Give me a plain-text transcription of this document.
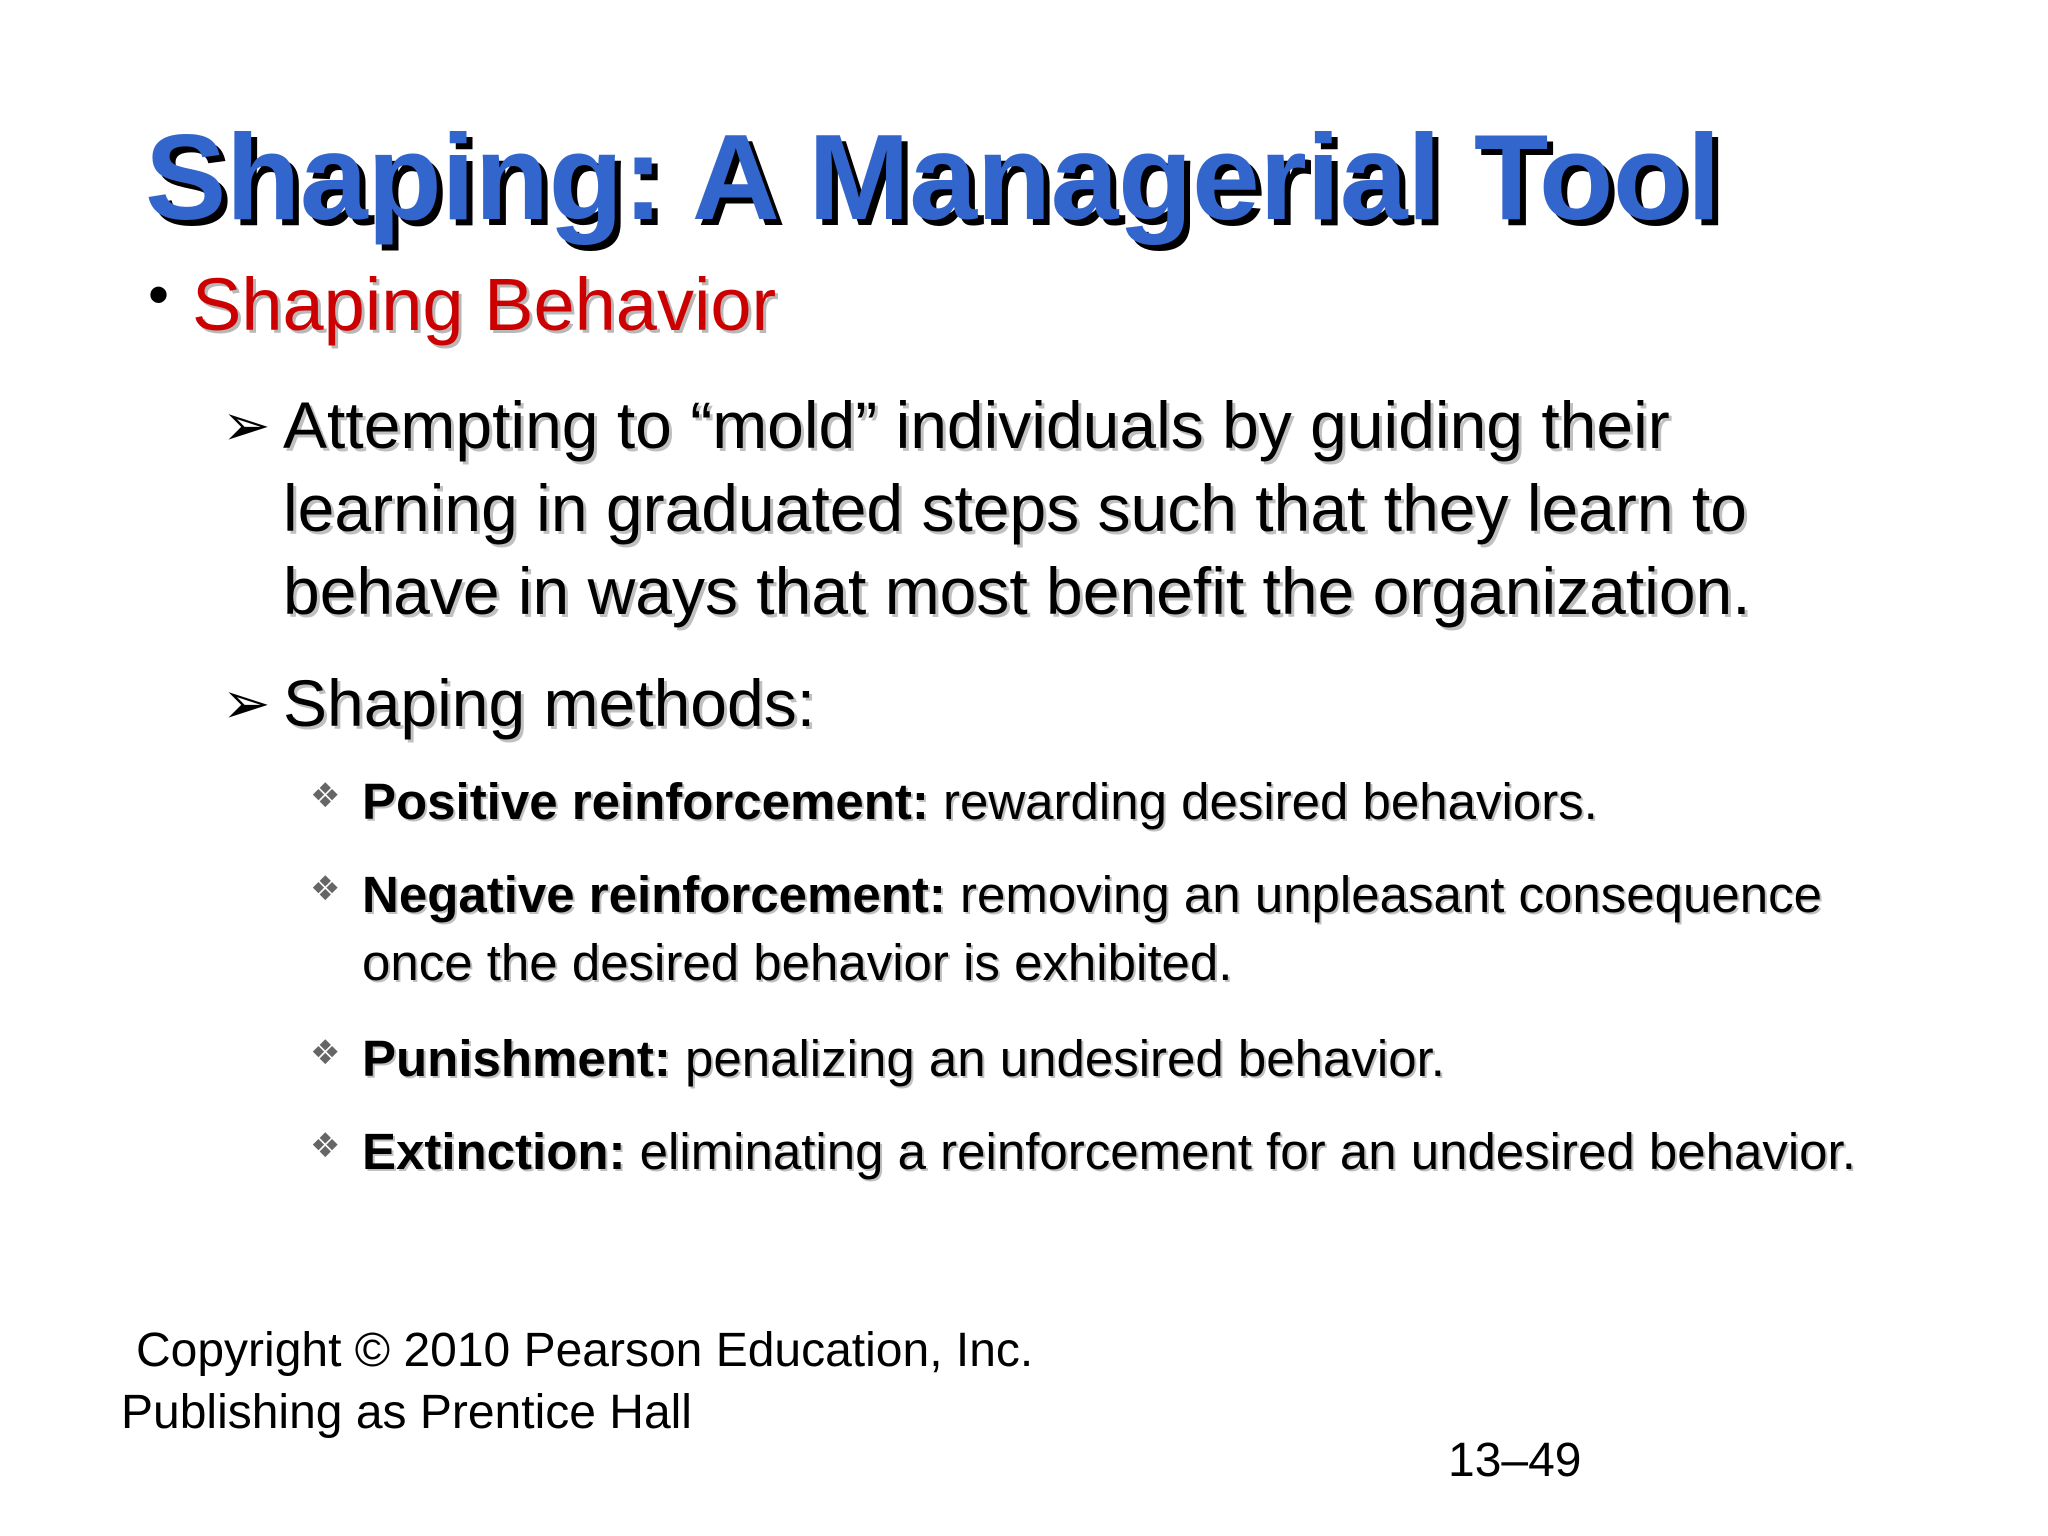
Shaping: A Managerial Tool
• Shaping Behavior
➢ Attempting to “mold” individuals by guiding their learning in graduated steps such that they learn to behave in ways that most benefit the organization.
➢ Shaping methods:
❖ Positive reinforcement: rewarding desired behaviors.
❖ Negative reinforcement: removing an unpleasant consequence once the desired behavior is exhibited.
❖ Punishment: penalizing an undesired behavior.
❖ Extinction: eliminating a reinforcement for an undesired behavior.
Copyright © 2010 Pearson Education, Inc.
Publishing as Prentice Hall
13–49
